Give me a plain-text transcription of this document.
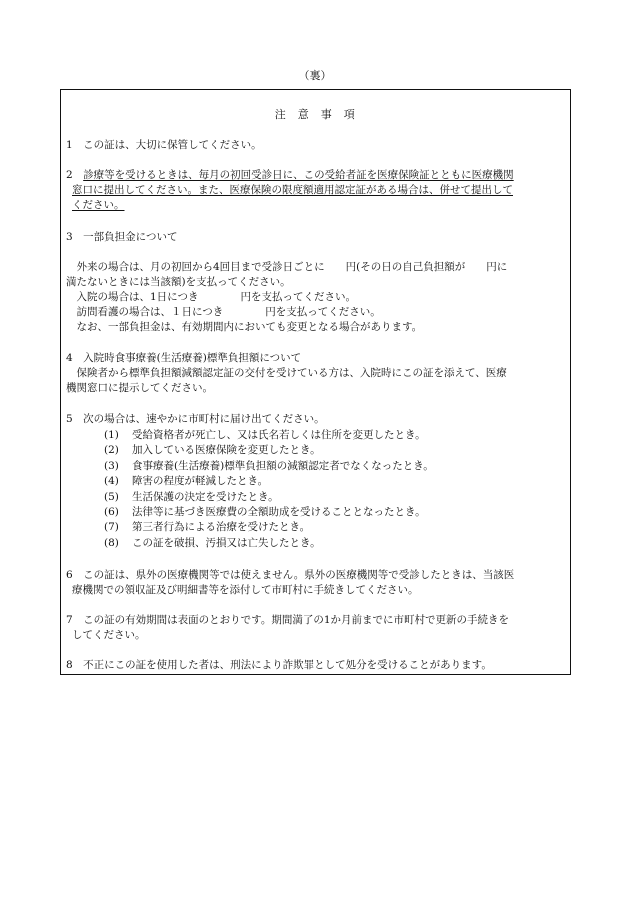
（裏）
注　意　事　項
1　この証は、大切に保管してください。
2　診療等を受けるときは、毎月の初回受診日に、この受給者証を医療保険証とともに医療機関
窓口に提出してください。また、医療保険の限度額適用認定証がある場合は、併せて提出して
ください。
3　一部負担金について
　外来の場合は、月の初回から4回目まで受診日ごとに　　円(その日の自己負担額が　　円に
満たないときには当該額)を支払ってください。
　入院の場合は、1日につき　　　　円を支払ってください。
　訪問看護の場合は、１日につき　　　　円を支払ってください。
　なお、一部負担金は、有効期間内においても変更となる場合があります。
4　入院時食事療養(生活療養)標準負担額について
　保険者から標準負担額減額認定証の交付を受けている方は、入院時にこの証を添えて、医療
機関窓口に提示してください。
5　次の場合は、速やかに市町村に届け出てください。
(1) 受給資格者が死亡し、又は氏名若しくは住所を変更したとき。
(2) 加入している医療保険を変更したとき。
(3) 食事療養(生活療養)標準負担額の減額認定者でなくなったとき。
(4) 障害の程度が軽減したとき。
(5) 生活保護の決定を受けたとき。
(6) 法律等に基づき医療費の全額助成を受けることとなったとき。
(7) 第三者行為による治療を受けたとき。
(8) この証を破損、汚損又は亡失したとき。
6　この証は、県外の医療機関等では使えません。県外の医療機関等で受診したときは、当該医
療機関での領収証及び明細書等を添付して市町村に手続きしてください。
7　この証の有効期間は表面のとおりです。期間満了の1か月前までに市町村で更新の手続きを
してください。
8　不正にこの証を使用した者は、刑法により詐欺罪として処分を受けることがあります。
